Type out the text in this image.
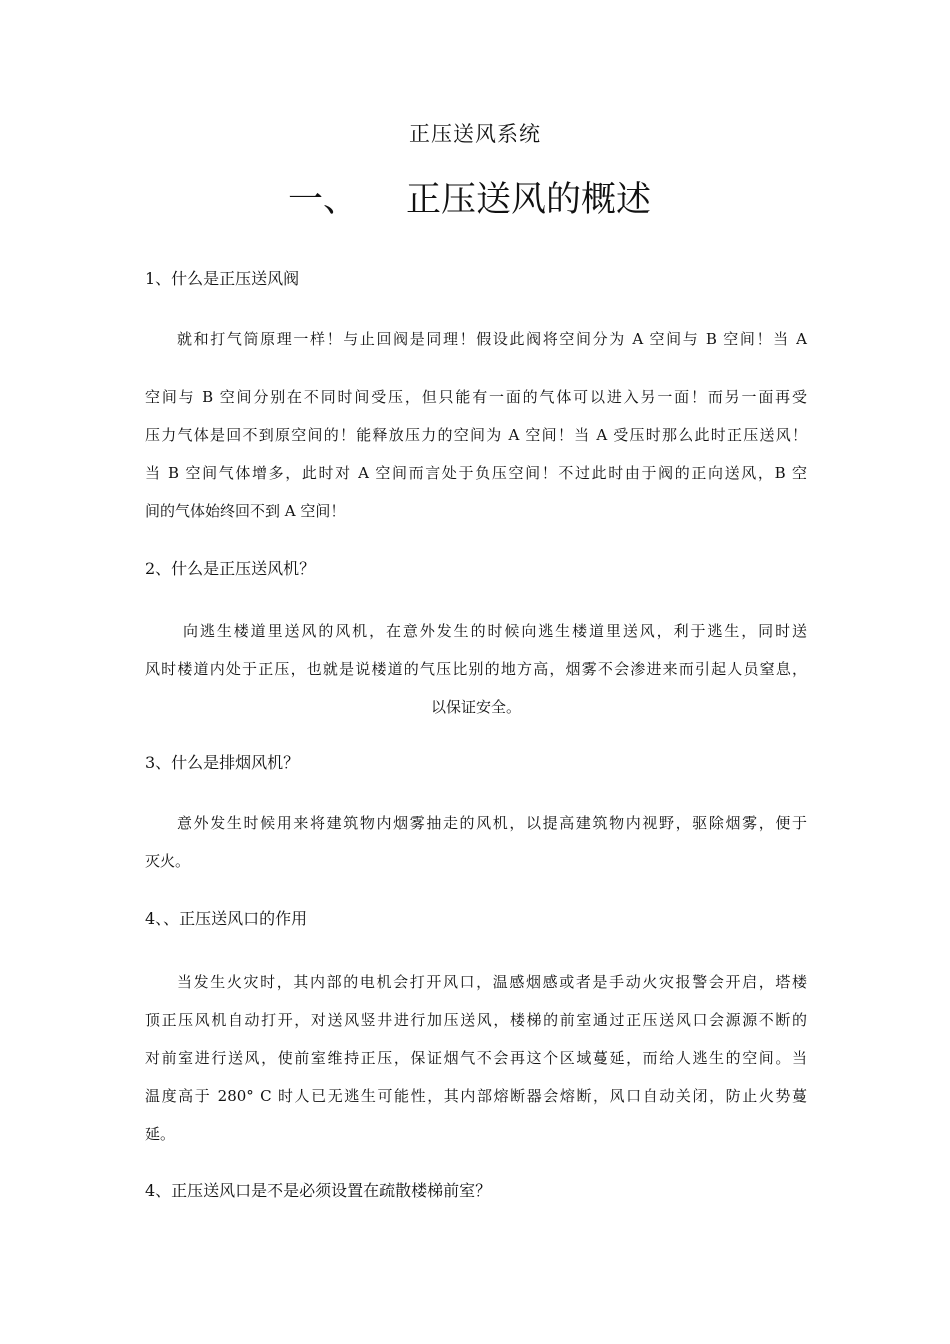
正压送风系统
一、 正压送风的概述
1、什么是正压送风阀
就和打气筒原理一样！与止回阀是同理！假设此阀将空间分为 A 空间与 B 空间！当 A
空间与 B 空间分别在不同时间受压，但只能有一面的气体可以进入另一面！而另一面再受
压力气体是回不到原空间的！能释放压力的空间为 A 空间！当 A 受压时那么此时正压送风！
当 B 空间气体增多，此时对 A 空间而言处于负压空间！不过此时由于阀的正向送风，B 空
间的气体始终回不到 A 空间！
2、什么是正压送风机？
向逃生楼道里送风的风机，在意外发生的时候向逃生楼道里送风，利于逃生，同时送
风时楼道内处于正压，也就是说楼道的气压比别的地方高，烟雾不会渗进来而引起人员窒息，
以保证安全。
3、什么是排烟风机？
意外发生时候用来将建筑物内烟雾抽走的风机，以提高建筑物内视野，驱除烟雾，便于
灭火。
4、、正压送风口的作用
当发生火灾时，其内部的电机会打开风口，温感烟感或者是手动火灾报警会开启，塔楼
顶正压风机自动打开，对送风竖井进行加压送风，楼梯的前室通过正压送风口会源源不断的
对前室进行送风，使前室维持正压，保证烟气不会再这个区域蔓延，而给人逃生的空间。当
温度高于 280° C 时人已无逃生可能性，其内部熔断器会熔断，风口自动关闭，防止火势蔓
延。
4、正压送风口是不是必须设置在疏散楼梯前室？
